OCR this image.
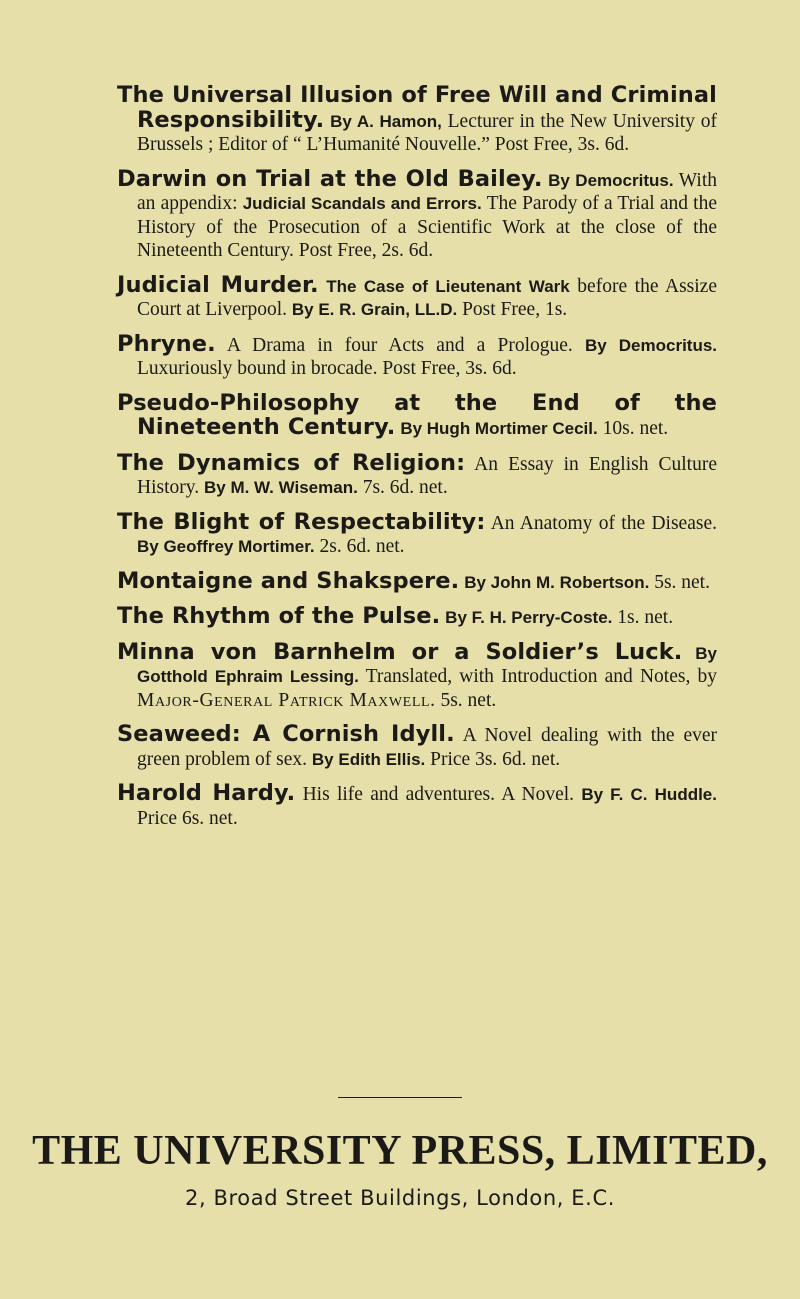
The Universal Illusion of Free Will and Criminal Responsibility. By A. Hamon, Lecturer in the New University of Brussels ; Editor of “ L’Humanité Nouvelle.” Post Free, 3s. 6d.

Darwin on Trial at the Old Bailey. By Democritus. With an appendix: Judicial Scandals and Errors. The Parody of a Trial and the History of the Prosecution of a Scientific Work at the close of the Nineteenth Century. Post Free, 2s. 6d.

Judicial Murder. The Case of Lieutenant Wark before the Assize Court at Liverpool. By E. R. Grain, LL.D. Post Free, 1s.

Phryne. A Drama in four Acts and a Prologue. By Democritus. Luxuriously bound in brocade. Post Free, 3s. 6d.

Pseudo-Philosophy at the End of the Nineteenth Century. By Hugh Mortimer Cecil. 10s. net.

The Dynamics of Religion: An Essay in English Culture History. By M. W. Wiseman. 7s. 6d. net.

The Blight of Respectability: An Anatomy of the Disease. By Geoffrey Mortimer. 2s. 6d. net.

Montaigne and Shakspere. By John M. Robertson. 5s. net.

The Rhythm of the Pulse. By F. H. Perry-Coste. 1s. net.

Minna von Barnhelm or a Soldier’s Luck. By Gotthold Ephraim Lessing. Translated, with Introduction and Notes, by Major-General Patrick Maxwell. 5s. net.

Seaweed: A Cornish Idyll. A Novel dealing with the ever green problem of sex. By Edith Ellis. Price 3s. 6d. net.

Harold Hardy. His life and adventures. A Novel. By F. C. Huddle. Price 6s. net.

THE UNIVERSITY PRESS, LIMITED,
2, Broad Street Buildings, London, E.C.
